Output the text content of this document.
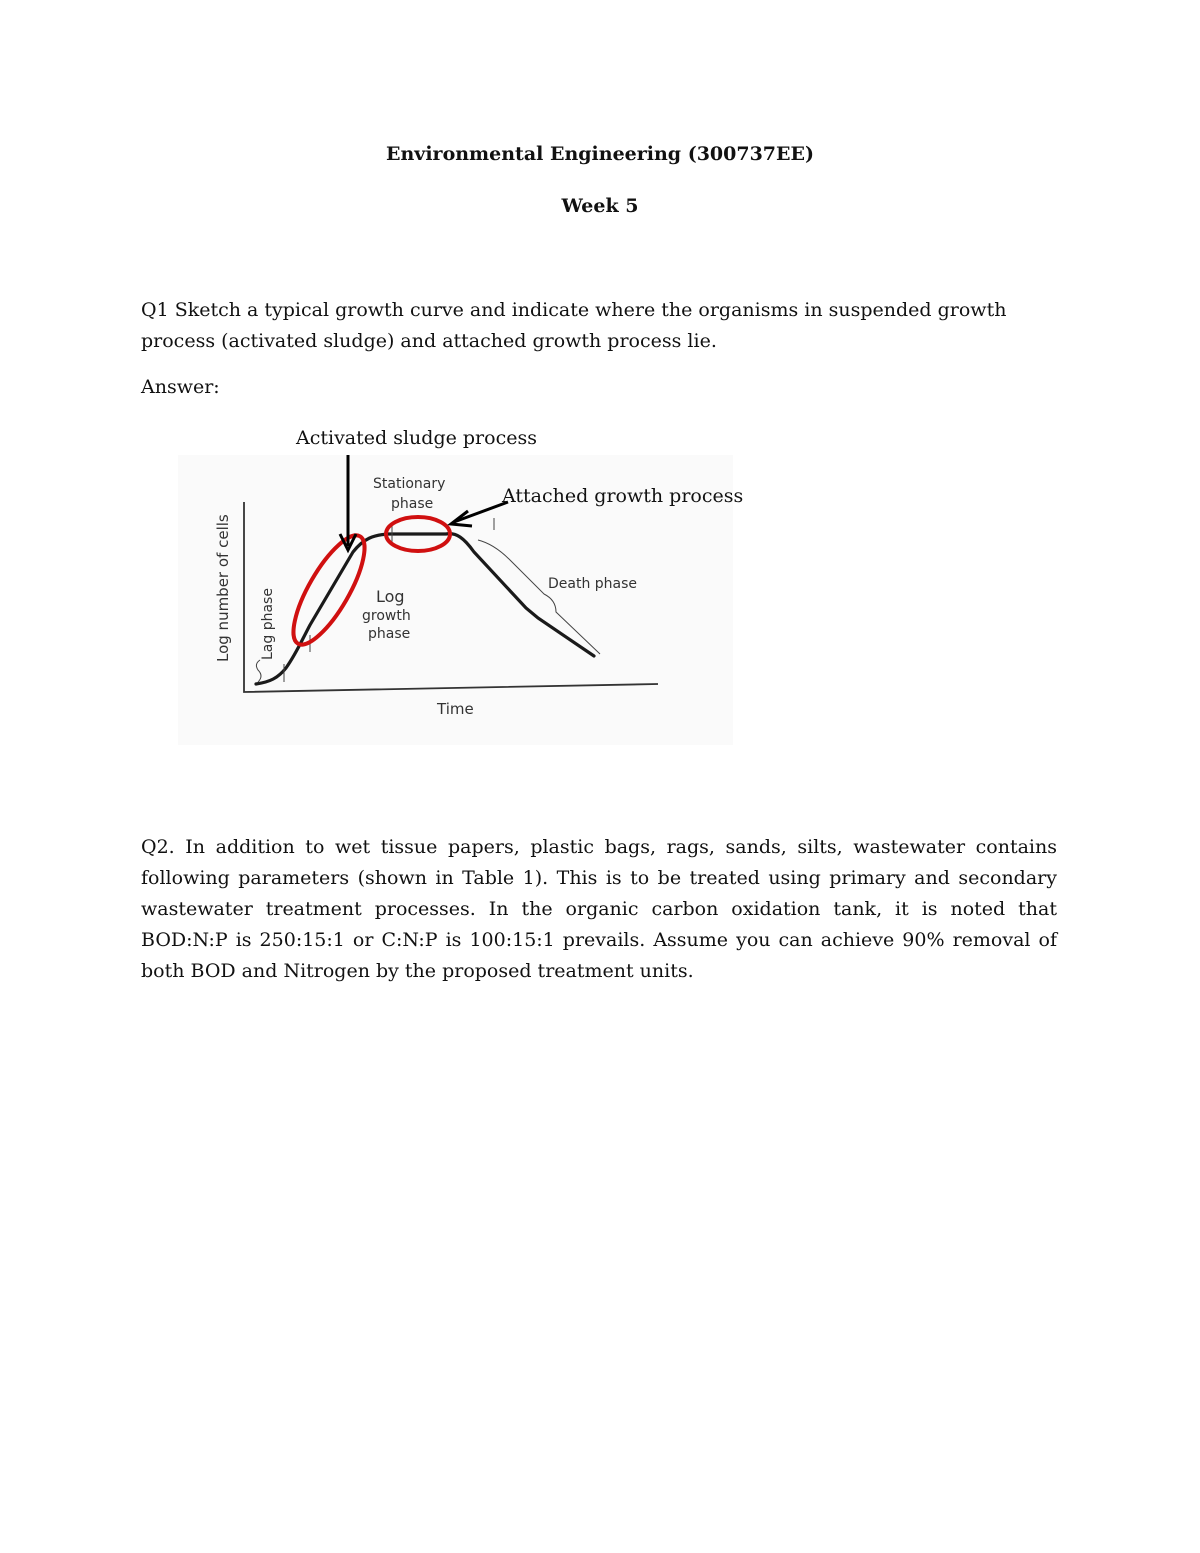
Environmental Engineering (300737EE)
Week 5

Q1 Sketch a typical growth curve and indicate where the organisms in suspended growth process (activated sludge) and attached growth process lie.

Answer:

Activated sludge process
Attached growth process
Log number of cells
Time
Lag phase	Log
growth
phase
Stationary
phase
Death phase

Q2. In addition to wet tissue papers, plastic bags, rags, sands, silts, wastewater contains following parameters (shown in Table 1). This is to be treated using primary and secondary wastewater treatment processes. In the organic carbon oxidation tank, it is noted that BOD:N:P is 250:15:1 or C:N:P is 100:15:1 prevails. Assume you can achieve 90% removal of both BOD and Nitrogen by the proposed treatment units.
